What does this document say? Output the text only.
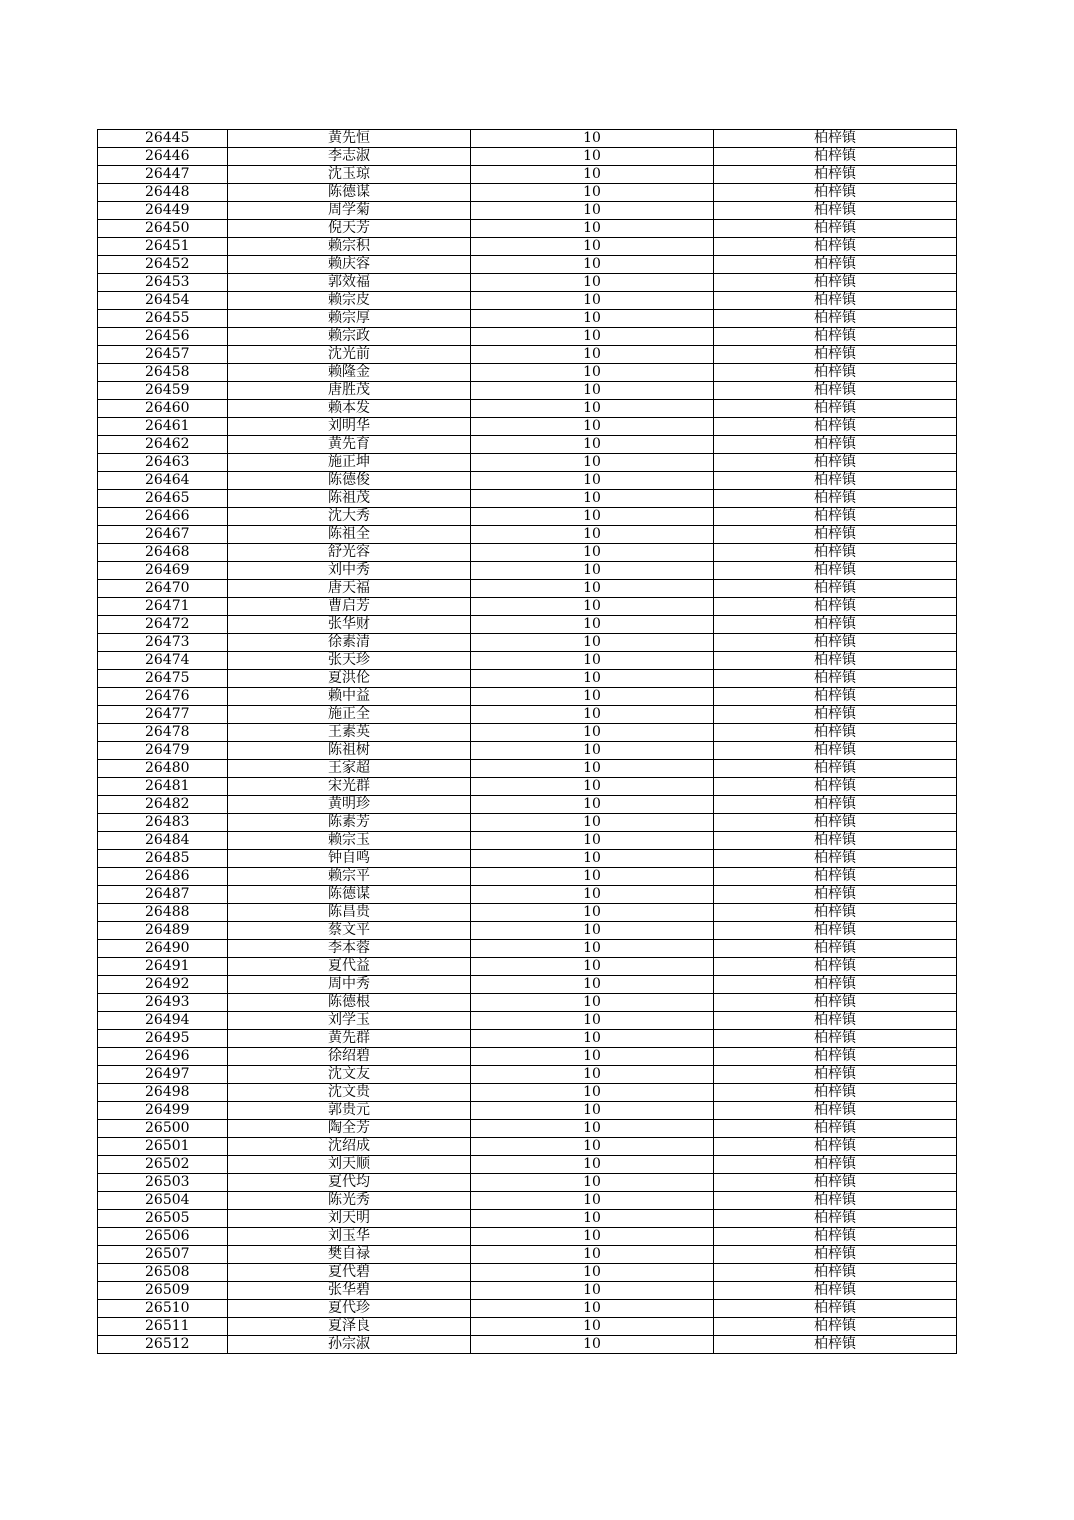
26445	黄先恒	10	柏梓镇
26446	李志淑	10	柏梓镇
26447	沈玉琼	10	柏梓镇
26448	陈德谋	10	柏梓镇
26449	周学菊	10	柏梓镇
26450	倪天芳	10	柏梓镇
26451	赖宗积	10	柏梓镇
26452	赖庆容	10	柏梓镇
26453	郭效福	10	柏梓镇
26454	赖宗皮	10	柏梓镇
26455	赖宗厚	10	柏梓镇
26456	赖宗政	10	柏梓镇
26457	沈光前	10	柏梓镇
26458	赖隆金	10	柏梓镇
26459	唐胜茂	10	柏梓镇
26460	赖本发	10	柏梓镇
26461	刘明华	10	柏梓镇
26462	黄先育	10	柏梓镇
26463	施正坤	10	柏梓镇
26464	陈德俊	10	柏梓镇
26465	陈祖茂	10	柏梓镇
26466	沈大秀	10	柏梓镇
26467	陈祖全	10	柏梓镇
26468	舒光容	10	柏梓镇
26469	刘中秀	10	柏梓镇
26470	唐天福	10	柏梓镇
26471	曹启芳	10	柏梓镇
26472	张华财	10	柏梓镇
26473	徐素清	10	柏梓镇
26474	张天珍	10	柏梓镇
26475	夏洪伦	10	柏梓镇
26476	赖中益	10	柏梓镇
26477	施正全	10	柏梓镇
26478	王素英	10	柏梓镇
26479	陈祖树	10	柏梓镇
26480	王家超	10	柏梓镇
26481	宋光群	10	柏梓镇
26482	黄明珍	10	柏梓镇
26483	陈素芳	10	柏梓镇
26484	赖宗玉	10	柏梓镇
26485	钟自鸣	10	柏梓镇
26486	赖宗平	10	柏梓镇
26487	陈德谋	10	柏梓镇
26488	陈昌贵	10	柏梓镇
26489	蔡文平	10	柏梓镇
26490	李本蓉	10	柏梓镇
26491	夏代益	10	柏梓镇
26492	周中秀	10	柏梓镇
26493	陈德根	10	柏梓镇
26494	刘学玉	10	柏梓镇
26495	黄先群	10	柏梓镇
26496	徐绍碧	10	柏梓镇
26497	沈文友	10	柏梓镇
26498	沈文贵	10	柏梓镇
26499	郭贵元	10	柏梓镇
26500	陶全芳	10	柏梓镇
26501	沈绍成	10	柏梓镇
26502	刘天顺	10	柏梓镇
26503	夏代均	10	柏梓镇
26504	陈光秀	10	柏梓镇
26505	刘天明	10	柏梓镇
26506	刘玉华	10	柏梓镇
26507	樊自禄	10	柏梓镇
26508	夏代碧	10	柏梓镇
26509	张华碧	10	柏梓镇
26510	夏代珍	10	柏梓镇
26511	夏泽良	10	柏梓镇
26512	孙宗淑	10	柏梓镇
